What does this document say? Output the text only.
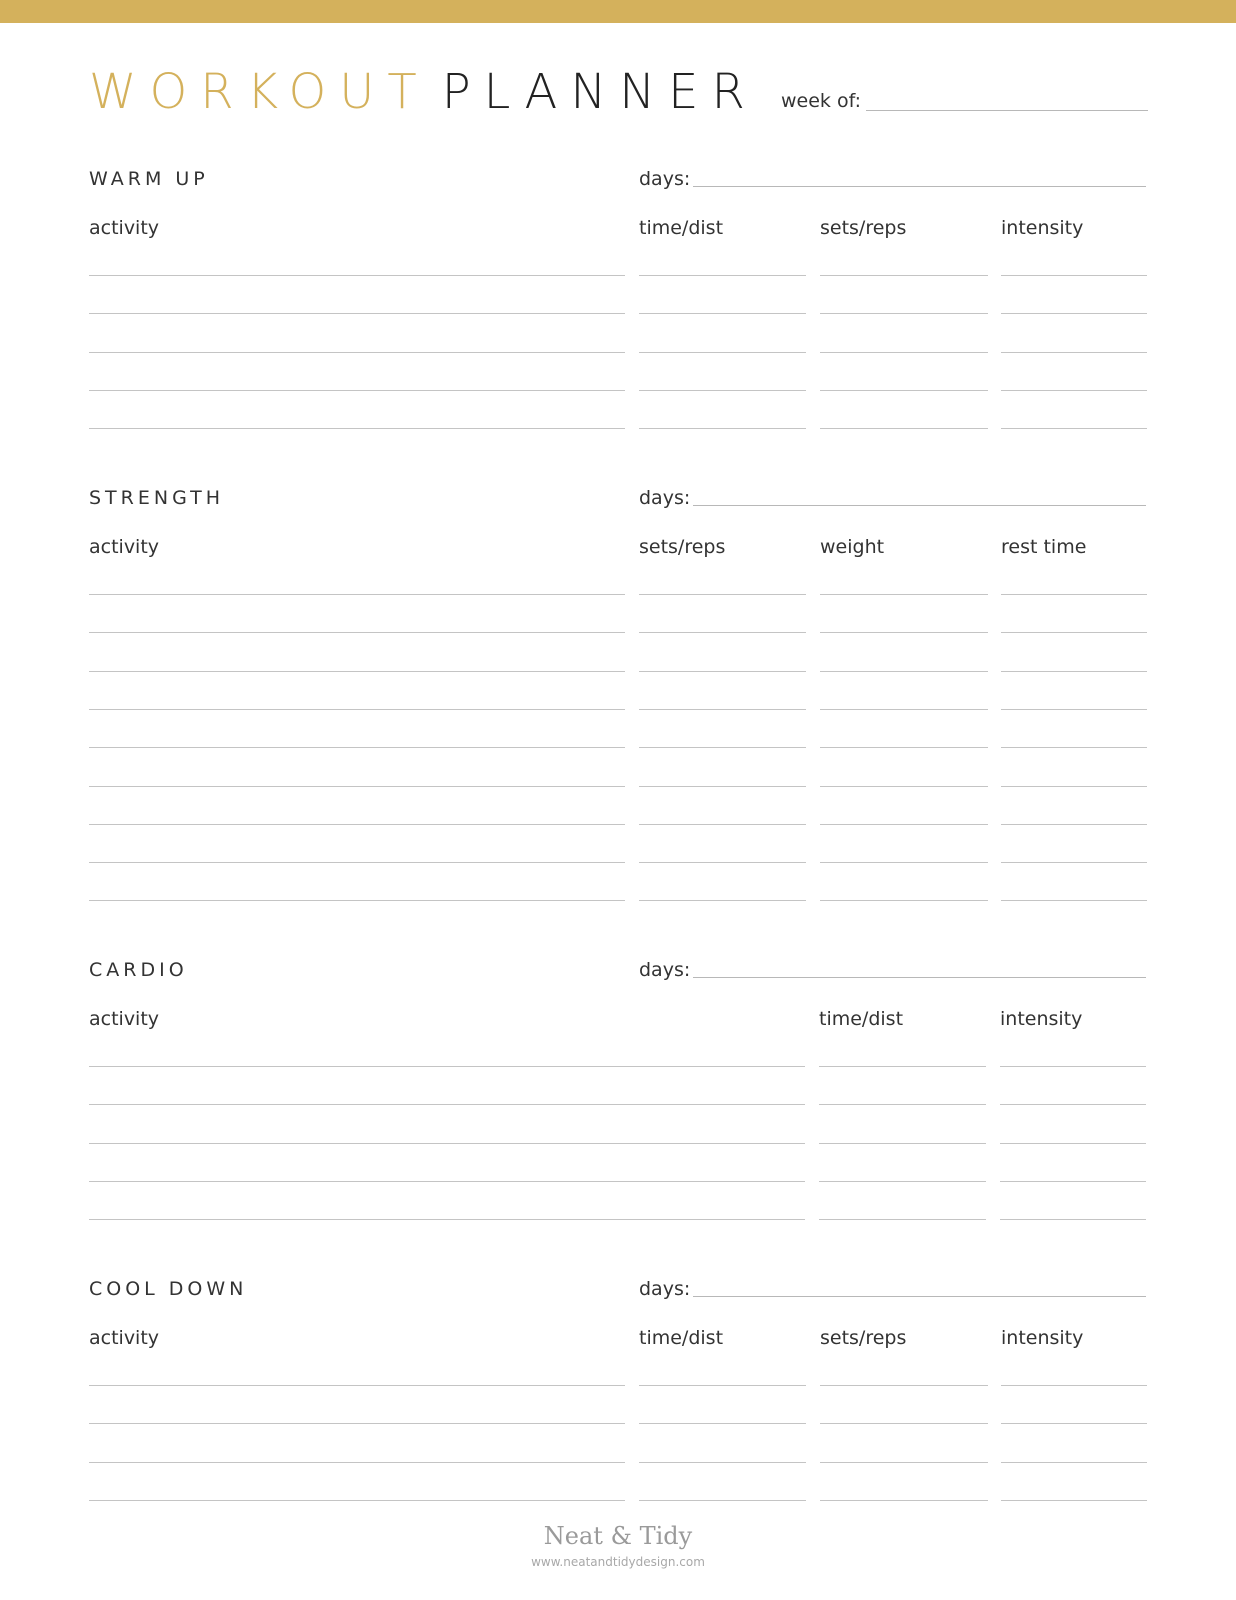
WORKOUT PLANNER week of:
WARM UP	days:
activity	time/dist	sets/reps	intensity
STRENGTH	days:
activity	sets/reps	weight	rest time
CARDIO	days:
activity	time/dist	intensity
COOL DOWN	days:
activity	time/dist	sets/reps	intensity
Neat & Tidy
www.neatandtidydesign.com
